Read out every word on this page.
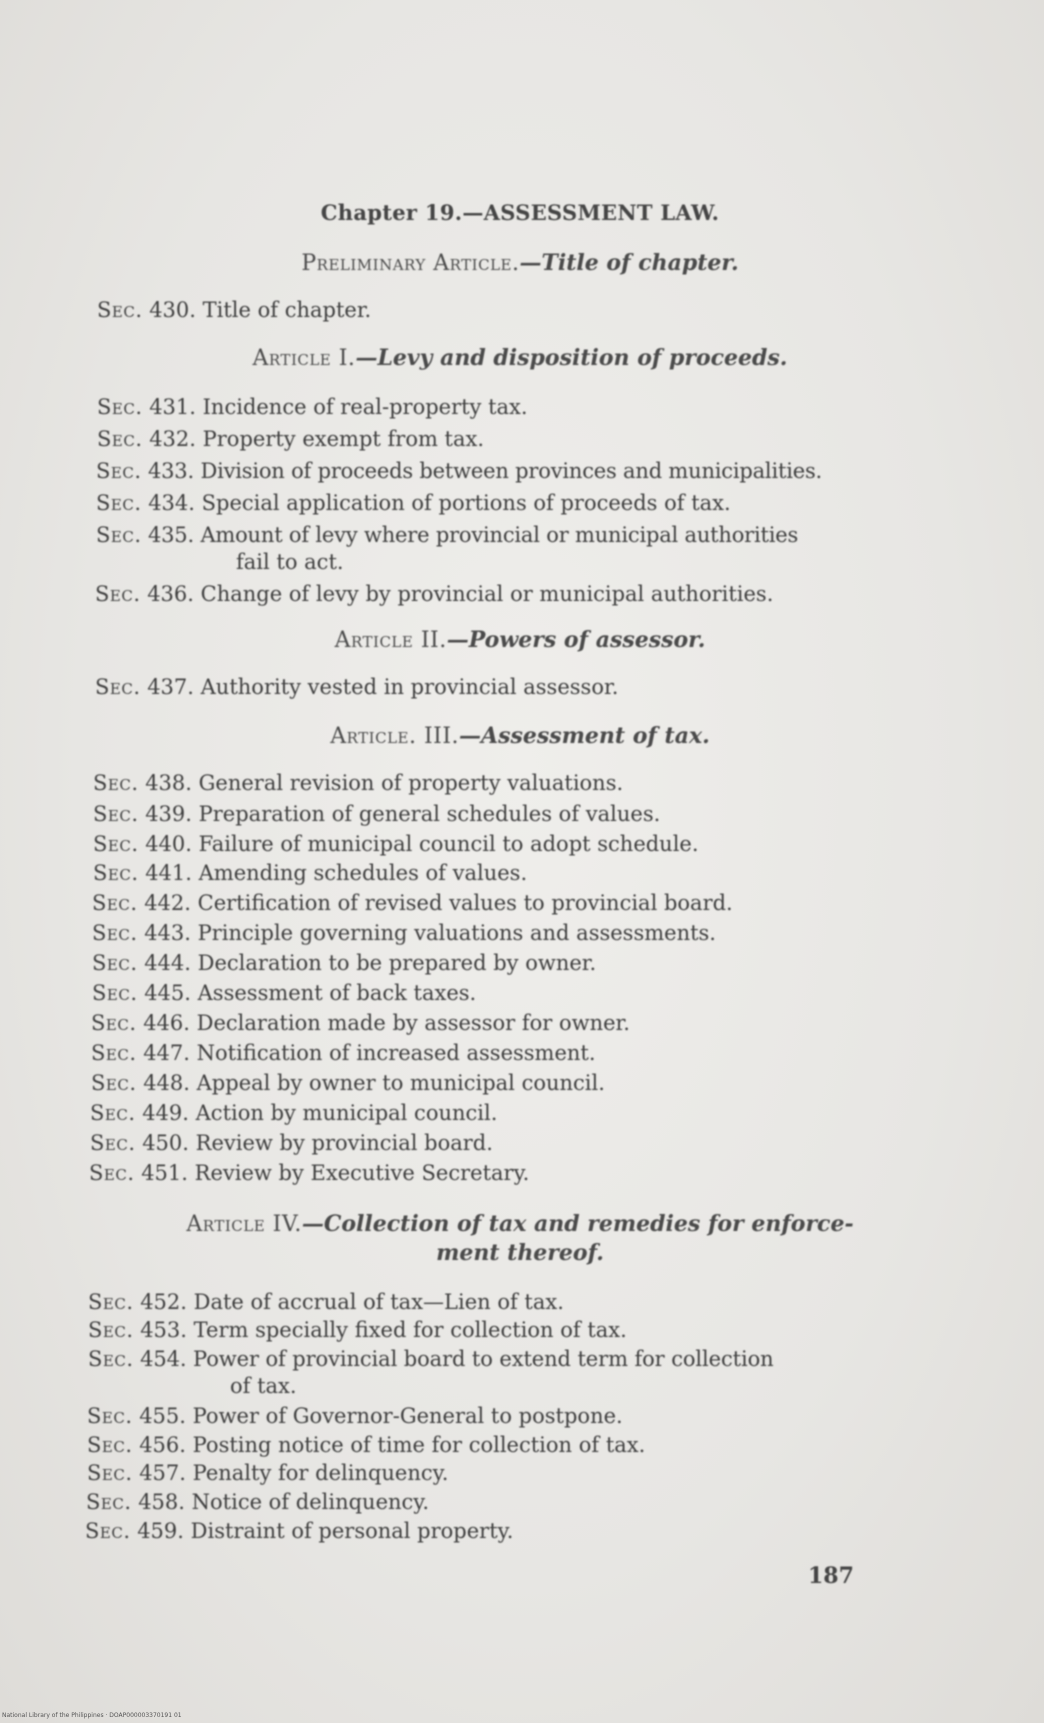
Chapter 19.—ASSESSMENT LAW.
Preliminary Article.—Title of chapter.
Sec. 430. Title of chapter.
Article I.—Levy and disposition of proceeds.
Sec. 431. Incidence of real-property tax.
Sec. 432. Property exempt from tax.
Sec. 433. Division of proceeds between provinces and municipalities.
Sec. 434. Special application of portions of proceeds of tax.
Sec. 435. Amount of levy where provincial or municipal authorities
fail to act.
Sec. 436. Change of levy by provincial or municipal authorities.
Article II.—Powers of assessor.
Sec. 437. Authority vested in provincial assessor.
Article. III.—Assessment of tax.
Sec. 438. General revision of property valuations.
Sec. 439. Preparation of general schedules of values.
Sec. 440. Failure of municipal council to adopt schedule.
Sec. 441. Amending schedules of values.
Sec. 442. Certification of revised values to provincial board.
Sec. 443. Principle governing valuations and assessments.
Sec. 444. Declaration to be prepared by owner.
Sec. 445. Assessment of back taxes.
Sec. 446. Declaration made by assessor for owner.
Sec. 447. Notification of increased assessment.
Sec. 448. Appeal by owner to municipal council.
Sec. 449. Action by municipal council.
Sec. 450. Review by provincial board.
Sec. 451. Review by Executive Secretary.
Article IV.—Collection of tax and remedies for enforce-
ment thereof.
Sec. 452. Date of accrual of tax—Lien of tax.
Sec. 453. Term specially fixed for collection of tax.
Sec. 454. Power of provincial board to extend term for collection
of tax.
Sec. 455. Power of Governor-General to postpone.
Sec. 456. Posting notice of time for collection of tax.
Sec. 457. Penalty for delinquency.
Sec. 458. Notice of delinquency.
Sec. 459. Distraint of personal property.
187
National Library of the Philippines · DOAP000003370191 01
